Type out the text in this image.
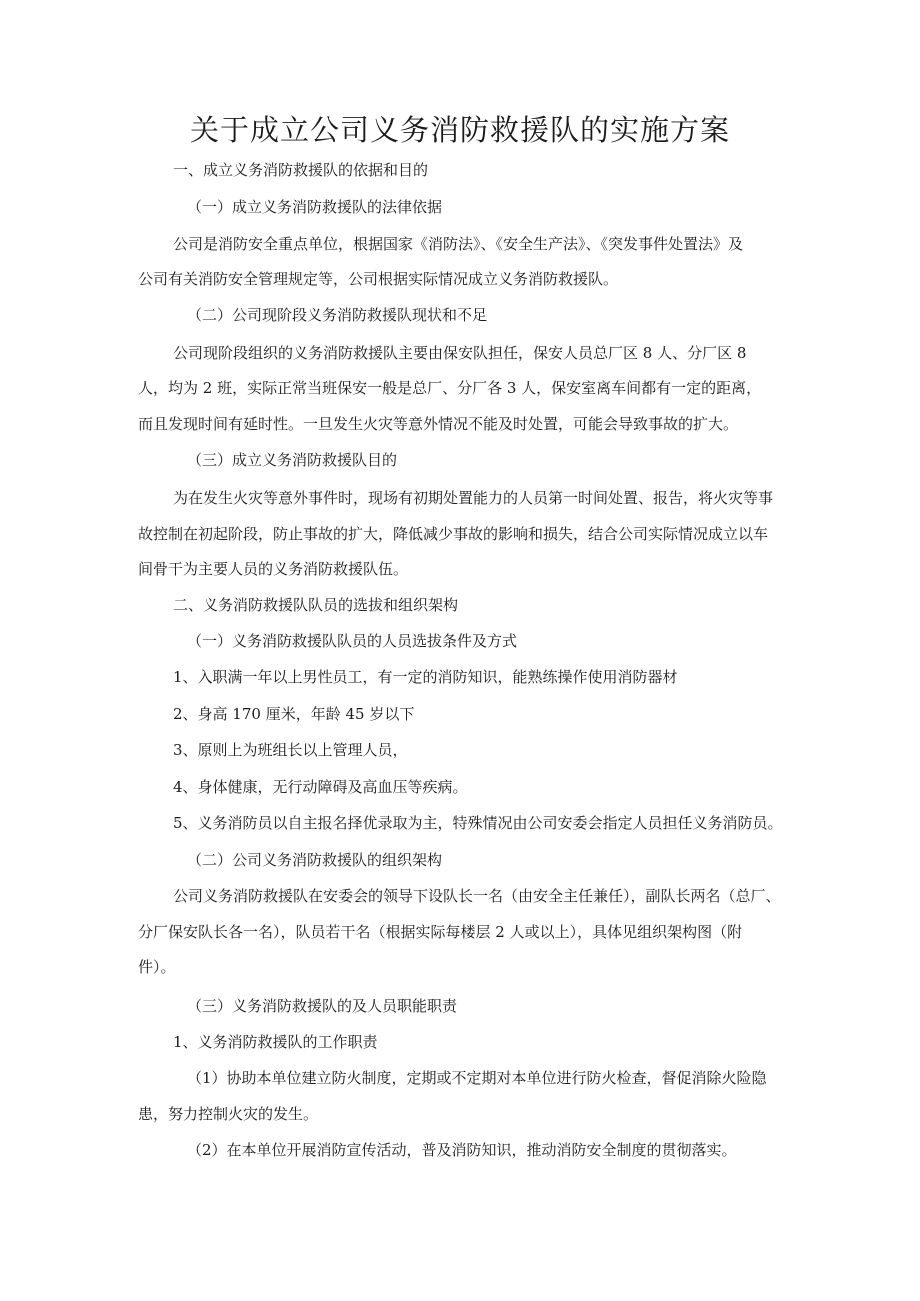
关于成立公司义务消防救援队的实施方案
一、成立义务消防救援队的依据和目的
（一）成立义务消防救援队的法律依据
公司是消防安全重点单位，根据国家《消防法》、《安全生产法》、《突发事件处置法》及
公司有关消防安全管理规定等，公司根据实际情况成立义务消防救援队。
（二）公司现阶段义务消防救援队现状和不足
公司现阶段组织的义务消防救援队主要由保安队担任，保安人员总厂区 8 人、分厂区 8
人，均为 2 班，实际正常当班保安一般是总厂、分厂各 3 人，保安室离车间都有一定的距离，
而且发现时间有延时性。一旦发生火灾等意外情况不能及时处置，可能会导致事故的扩大。
（三）成立义务消防救援队目的
为在发生火灾等意外事件时，现场有初期处置能力的人员第一时间处置、报告，将火灾等事
故控制在初起阶段，防止事故的扩大，降低减少事故的影响和损失，结合公司实际情况成立以车
间骨干为主要人员的义务消防救援队伍。
二、义务消防救援队队员的选拔和组织架构
（一）义务消防救援队队员的人员选拔条件及方式
1、入职满一年以上男性员工，有一定的消防知识，能熟练操作使用消防器材
2、身高 170 厘米，年龄 45 岁以下
3、原则上为班组长以上管理人员，
4、身体健康，无行动障碍及高血压等疾病。
5、义务消防员以自主报名择优录取为主，特殊情况由公司安委会指定人员担任义务消防员。
（二）公司义务消防救援队的组织架构
公司义务消防救援队在安委会的领导下设队长一名（由安全主任兼任），副队长两名（总厂、
分厂保安队长各一名），队员若干名（根据实际每楼层 2 人或以上），具体见组织架构图（附
件）。
（三）义务消防救援队的及人员职能职责
1、义务消防救援队的工作职责
（1）协助本单位建立防火制度，定期或不定期对本单位进行防火检查，督促消除火险隐
患，努力控制火灾的发生。
（2）在本单位开展消防宣传活动，普及消防知识，推动消防安全制度的贯彻落实。
